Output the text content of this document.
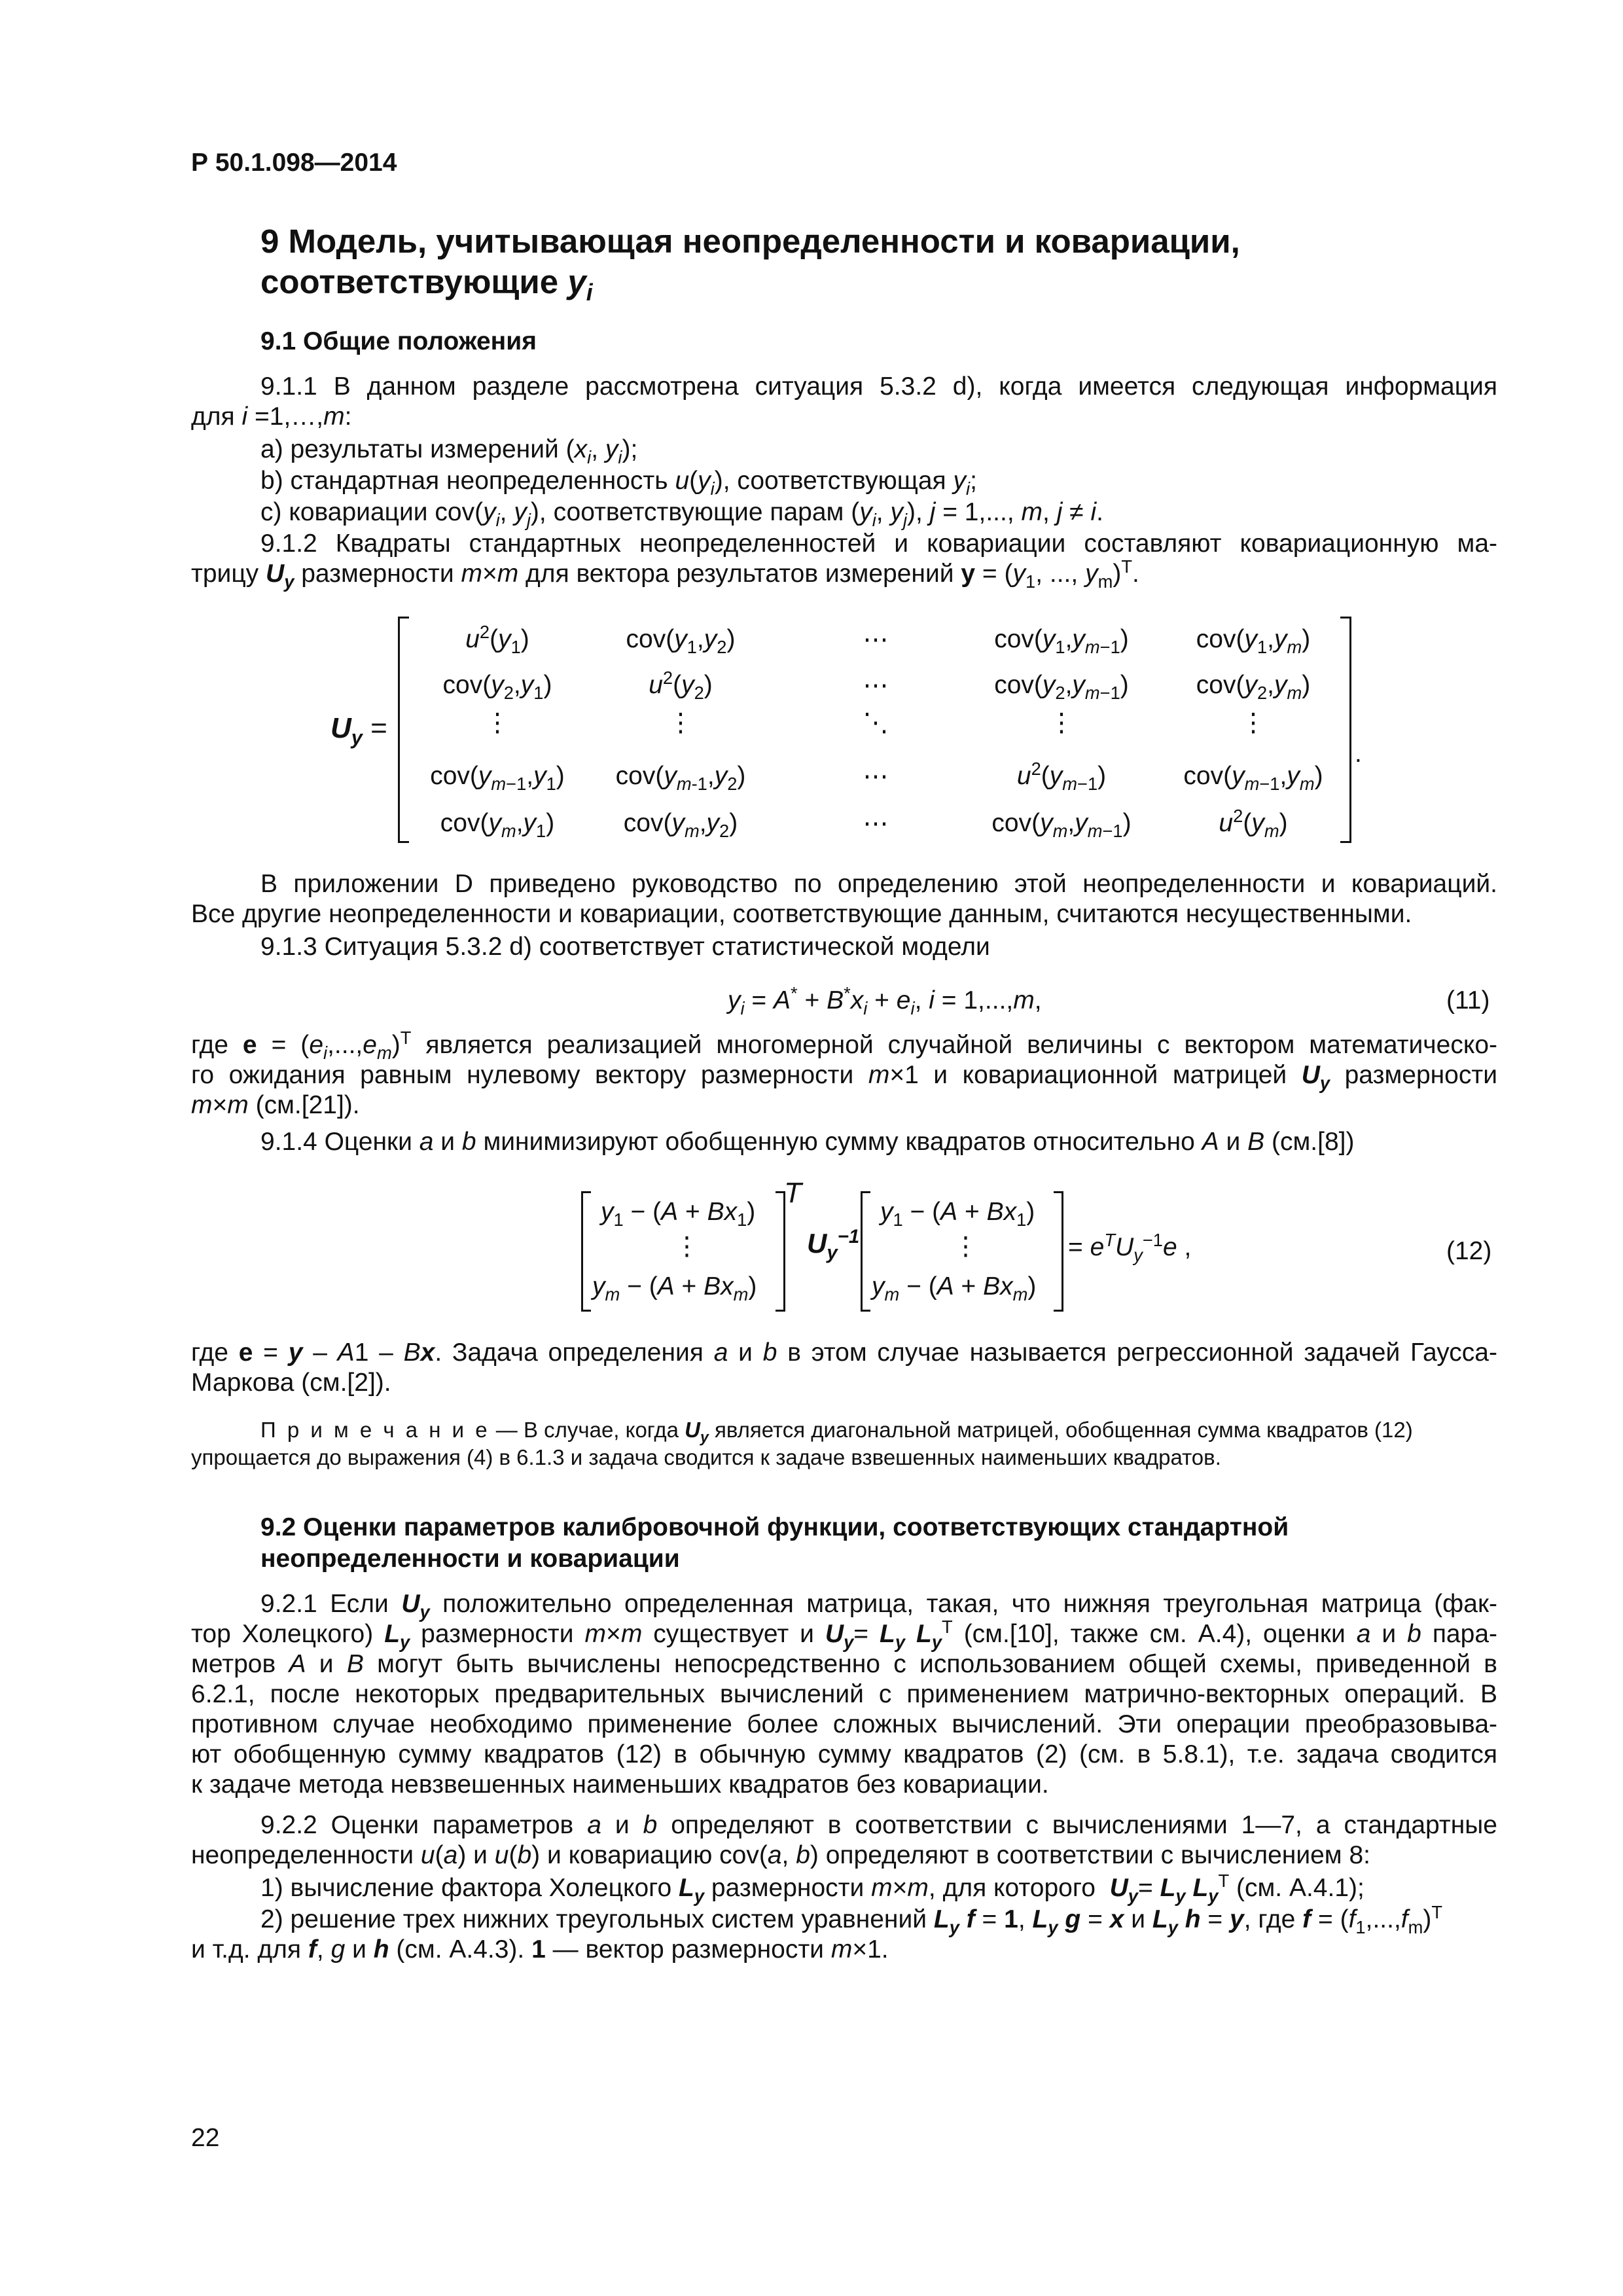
Р 50.1.098—2014
9 Модель, учитывающая неопределенности и ковариации,
соответствующие $y_i$
9.1 Общие положения
9.1.1 В данном разделе рассмотрена ситуация 5.3.2 d), когда имеется следующая информация
для i =1,…,m:
a) результаты измерений ($x_i$, $y_i$);
b) стандартная неопределенность $u(y_i)$, соответствующая $y_i$;
c) ковариации $cov(y_i$, $y_j$), соответствующие парам ($y_i$, $y_j$), j = 1,..., m, j ≠ i.
9.1.2 Квадраты стандартных неопределенностей и ковариации составляют ковариационную ма-
трицу $U_y$ размерности m×m для вектора результатов измерений $y = (y_1$, ..., $y_m)^T$.
$U_y$ =
.
$u^2(y_1)$	$cov(y_1,y_2)$	⋯	$cov(y_1,y_{m-1})$	$cov(y_1,y_m)$
$cov(y_2,y_1)$	$u^2(y_2)$	⋯	$cov(y_2,y_{m-1})$	$cov(y_2,y_m)$
⋮	⋮	⋱	⋮	⋮
$cov(y_{m-1},y_1)$	$cov(y_{m-1},y_2)$	⋯	$u^2(y_{m-1})$	$cov(y_{m-1},y_m)$
$cov(y_m,y_1)$	$cov(y_m,y_2)$	⋯	$cov(y_m,y_{m-1})$	$u^2(y_m)$
В приложении D приведено руководство по определению этой неопределенности и ковариаций.
Все другие неопределенности и ковариации, соответствующие данным, считаются несущественными.
9.1.3 Ситуация 5.3.2 d) соответствует статистической модели
$y_i = A^* + B^*x_i + e_i$, i = 1,...,m,	(11)
где $e = (e_i,...,e_m)^T$ является реализацией многомерной случайной величины с вектором математическо-
го ожидания равным нулевому вектору размерности m×1 и ковариационной матрицей $U_y$ размерности
m×m (см.[21]).
9.1.4 Оценки a и b минимизируют обобщенную сумму квадратов относительно A и B (см.[8])
$y_1 - (A + Bx_1)$
⋮
$y_m - (A + Bx_m)$
T
$U_y^{-1}$
$y_1 - (A + Bx_1)$
⋮
$y_m - (A + Bx_m)$
= $e^TU_y^{-1}e$ ,	(12)
где e = y – A1 – Bx. Задача определения a и b в этом случае называется регрессионной задачей Гаусса-
Маркова (см.[2]).
П р и м е ч а н и е — В случае, когда $U_y$ является диагональной матрицей, обобщенная сумма квадратов (12)
упрощается до выражения (4) в 6.1.3 и задача сводится к задаче взвешенных наименьших квадратов.
9.2 Оценки параметров калибровочной функции, соответствующих стандартной
неопределенности и ковариации
9.2.1 Если $U_y$ положительно определенная матрица, такая, что нижняя треугольная матрица (фак-
тор Холецкого) $L_y$ размерности m×m существует и $U_y= L_y$ $L_y^T$ (см.[10], также см. А.4), оценки a и b пара-
метров A и B могут быть вычислены непосредственно с использованием общей схемы, приведенной в
6.2.1, после некоторых предварительных вычислений с применением матрично-векторных операций. В
противном случае необходимо применение более сложных вычислений. Эти операции преобразовыва-
ют обобщенную сумму квадратов (12) в обычную сумму квадратов (2) (см. в 5.8.1), т.е. задача сводится
к задаче метода невзвешенных наименьших квадратов без ковариации.
9.2.2 Оценки параметров a и b определяют в соответствии с вычислениями 1—7, а стандартные
неопределенности u(a) и u(b) и ковариацию cov(a, b) определяют в соответствии с вычислением 8:
1) вычисление фактора Холецкого $L_y$ размерности m×m, для которого  $U_y= L_y$ $L_y^T$ (см. А.4.1);
2) решение трех нижних треугольных систем уравнений $L_y$ f = 1, $L_y$ g = x и $L_y$ h = y, где $f = (f_1,...,f_m)^T$
и т.д. для f, g и h (см. А.4.3). 1 — вектор размерности m×1.
22
